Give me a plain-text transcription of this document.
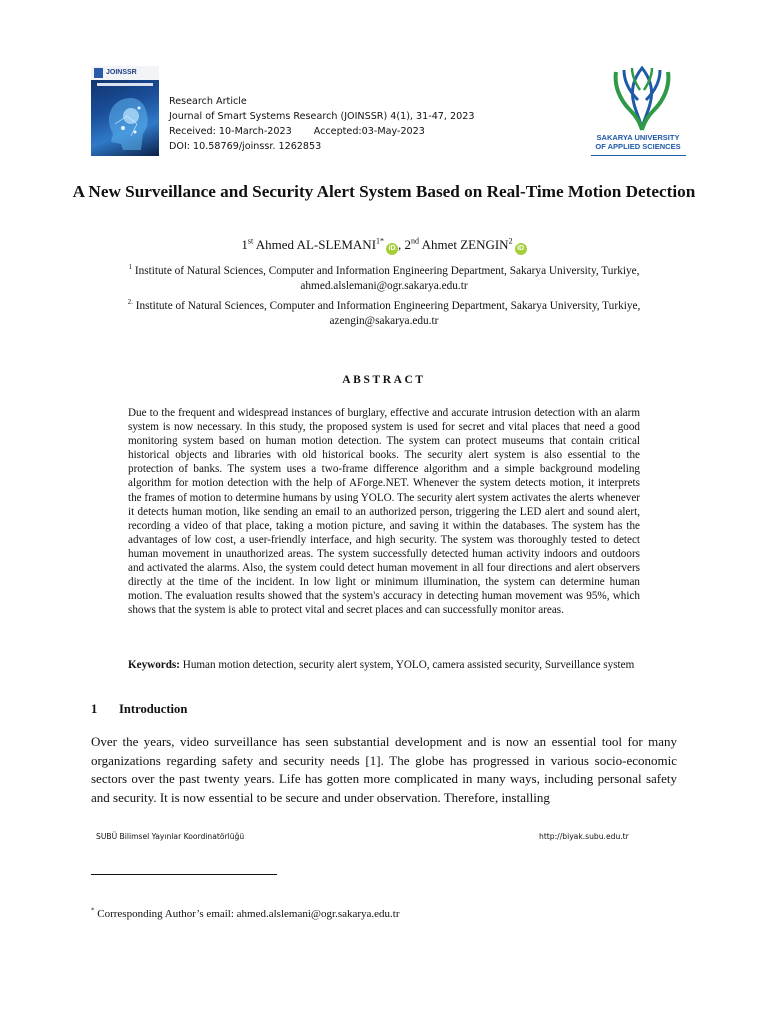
JOINSSR
Research Article
Journal of Smart Systems Research (JOINSSR) 4(1), 31-47, 2023
Received: 10-March-2023 Accepted:03-May-2023
DOI: 10.58769/joinssr. 1262853
SAKARYA UNIVERSITY
OF APPLIED SCIENCES
A New Surveillance and Security Alert System Based on Real-Time Motion Detection
1st Ahmed $AL-SLEMANI^{1*}iD$ , 2nd Ahmet ZENGIN$^2$iD
$^1$ Institute of Natural Sciences, Computer and Information Engineering Department, Sakarya University, Turkiye, ahmed.alslemani@ogr.sakarya.edu.tr
$^{2.}$ Institute of Natural Sciences, Computer and Information Engineering Department, Sakarya University, Turkiye, azengin@sakarya.edu.tr
ABSTRACT
Due to the frequent and widespread instances of burglary, effective and accurate intrusion detection with an alarm system is now necessary. In this study, the proposed system is used for secret and vital places that need a good monitoring system based on human motion detection. The system can protect museums that contain critical historical objects and libraries with old historical books. The security alert system is also essential to the protection of banks. The system uses a two-frame difference algorithm and a simple background modeling algorithm for motion detection with the help of AForge.NET. Whenever the system detects motion, it interprets the frames of motion to determine humans by using YOLO. The security alert system activates the alerts whenever it detects human motion, like sending an email to an authorized person, triggering the LED alert and sound alert, recording a video of that place, taking a motion picture, and saving it within the databases. The system has the advantages of low cost, a user-friendly interface, and high security. The system was thoroughly tested to detect human movement in unauthorized areas. The system successfully detected human activity indoors and outdoors and activated the alarms. Also, the system could detect human movement in all four directions and alert observers directly at the time of the incident. In low light or minimum illumination, the system can determine human motion. The evaluation results showed that the system's accuracy in detecting human movement was 95%, which shows that the system is able to protect vital and secret places and can successfully monitor areas.
Keywords: Human motion detection, security alert system, YOLO, camera assisted security, Surveillance system
1 Introduction
Over the years, video surveillance has seen substantial development and is now an essential tool for many organizations regarding safety and security needs [1]. The globe has progressed in various socio-economic sectors over the past twenty years. Life has gotten more complicated in many ways, including personal safety and security. It is now essential to be secure and under observation. Therefore, installing
SUBÜ Bilimsel Yayınlar Koordinatörlüğü	http://biyak.subu.edu.tr
* Corresponding Author’s email: ahmed.alslemani@ogr.sakarya.edu.tr
